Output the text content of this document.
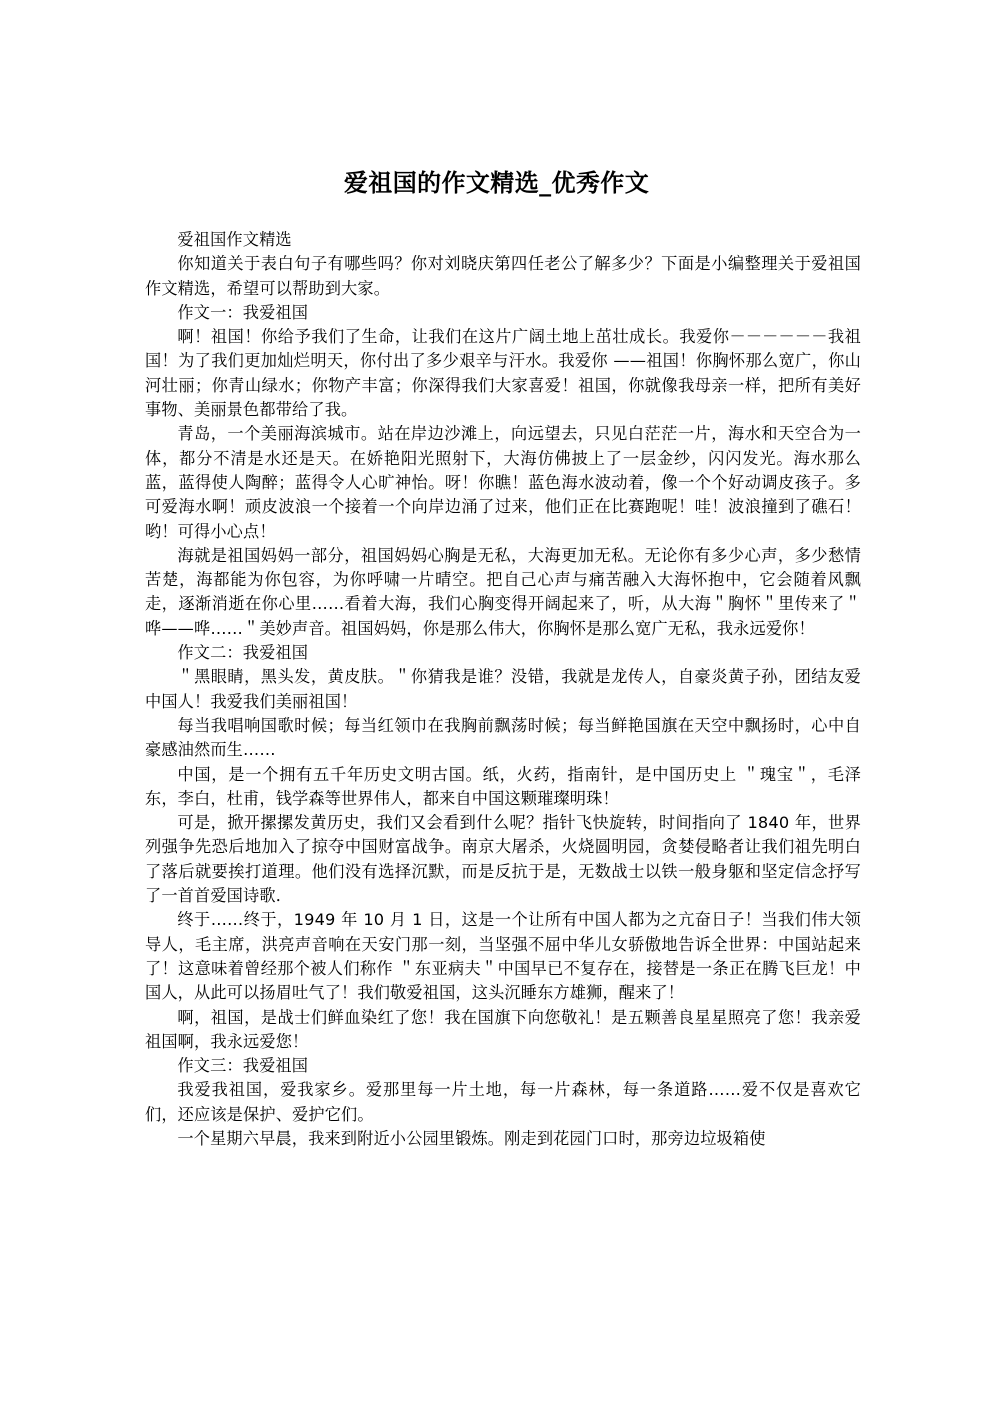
爱祖国的作文精选_优秀作文

爱祖国作文精选

你知道关于表白句子有哪些吗？你对刘晓庆第四任老公了解多少？下面是小编整理关于爱祖国作文精选，希望可以帮助到大家。

作文一：我爱祖国

啊！祖国！你给予我们了生命，让我们在这片广阔土地上茁壮成长。我爱你－－－－－－我祖国！为了我们更加灿烂明天，你付出了多少艰辛与汗水。我爱你 ——祖国！你胸怀那么宽广，你山河壮丽；你青山绿水；你物产丰富；你深得我们大家喜爱！祖国，你就像我母亲一样，把所有美好事物、美丽景色都带给了我。

青岛，一个美丽海滨城市。站在岸边沙滩上，向远望去，只见白茫茫一片，海水和天空合为一体，都分不清是水还是天。在娇艳阳光照射下，大海仿佛披上了一层金纱，闪闪发光。海水那么蓝，蓝得使人陶醉；蓝得令人心旷神怡。呀！你瞧！蓝色海水波动着，像一个个好动调皮孩子。多可爱海水啊！顽皮波浪一个接着一个向岸边涌了过来，他们正在比赛跑呢！哇！波浪撞到了礁石！哟！可得小心点！

海就是祖国妈妈一部分，祖国妈妈心胸是无私，大海更加无私。无论你有多少心声，多少愁情苦楚，海都能为你包容，为你呼啸一片晴空。把自己心声与痛苦融入大海怀抱中，它会随着风飘走，逐渐消逝在你心里……看着大海，我们心胸变得开阔起来了，听，从大海＂胸怀＂里传来了＂哗——哗……＂美妙声音。祖国妈妈，你是那么伟大，你胸怀是那么宽广无私，我永远爱你！

作文二：我爱祖国

＂黑眼睛，黑头发，黄皮肤。＂你猜我是谁？没错，我就是龙传人，自豪炎黄子孙，团结友爱中国人！我爱我们美丽祖国！

每当我唱响国歌时候；每当红领巾在我胸前飘荡时候；每当鲜艳国旗在天空中飘扬时，心中自豪感油然而生……

中国，是一个拥有五千年历史文明古国。纸，火药，指南针，是中国历史上 ＂瑰宝＂，毛泽东，李白，杜甫，钱学森等世界伟人，都来自中国这颗璀璨明珠！

可是，掀开摞摞发黄历史，我们又会看到什么呢？指针飞快旋转，时间指向了 1840 年，世界列强争先恐后地加入了掠夺中国财富战争。南京大屠杀，火烧圆明园，贪婪侵略者让我们祖先明白了落后就要挨打道理。他们没有选择沉默，而是反抗于是，无数战士以铁一般身躯和坚定信念抒写了一首首爱国诗歌．

终于……终于，1949 年 10 月 1 日，这是一个让所有中国人都为之亢奋日子！当我们伟大领导人，毛主席，洪亮声音响在天安门那一刻，当坚强不屈中华儿女骄傲地告诉全世界：中国站起来了！这意味着曾经那个被人们称作 ＂东亚病夫＂中国早已不复存在，接替是一条正在腾飞巨龙！中国人，从此可以扬眉吐气了！我们敬爱祖国，这头沉睡东方雄狮，醒来了！

啊，祖国，是战士们鲜血染红了您！我在国旗下向您敬礼！是五颗善良星星照亮了您！我亲爱祖国啊，我永远爱您！

作文三：我爱祖国

我爱我祖国，爱我家乡。爱那里每一片土地，每一片森林，每一条道路……爱不仅是喜欢它们，还应该是保护、爱护它们。

一个星期六早晨，我来到附近小公园里锻炼。刚走到花园门口时，那旁边垃圾箱使
